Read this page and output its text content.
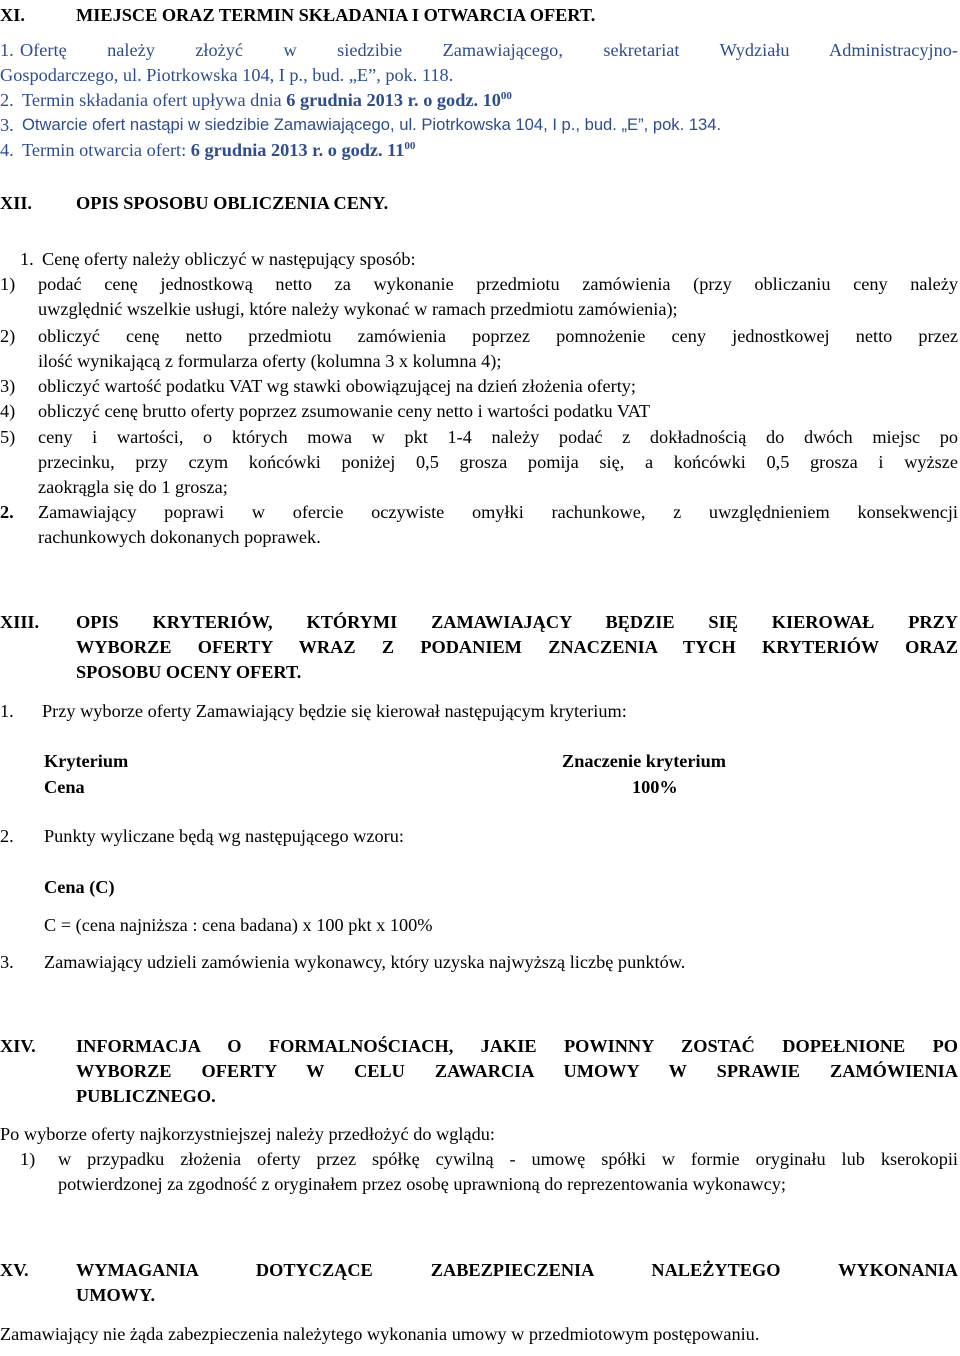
XI.	MIEJSCE ORAZ TERMIN SKŁADANIA I OTWARCIA OFERT.
1. Ofertę należy złożyć w siedzibie Zamawiającego, sekretariat Wydziału Administracyjno-
Gospodarczego, ul. Piotrkowska 104, I p., bud. „E”, pok. 118.
2. Termin składania ofert upływa dnia 6 grudnia 2013 r. o godz. $10^{00}$
3. Otwarcie ofert nastąpi w siedzibie Zamawiającego, ul. Piotrkowska 104, I p., bud. „E”, pok. 134.
4. Termin otwarcia ofert: 6 grudnia 2013 r. o godz. $11^{00}$
XII. OPIS SPOSOBU OBLICZENIA CENY.
1. Cenę oferty należy obliczyć w następujący sposób:
1) podać cenę jednostkową netto za wykonanie przedmiotu zamówienia (przy obliczaniu ceny należy
uwzględnić wszelkie usługi, które należy wykonać w ramach przedmiotu zamówienia);
2) obliczyć cenę netto przedmiotu zamówienia poprzez pomnożenie ceny jednostkowej netto przez
ilość wynikającą z formularza oferty (kolumna 3 x kolumna 4);
3) obliczyć wartość podatku VAT wg stawki obowiązującej na dzień złożenia oferty;
4) obliczyć cenę brutto oferty poprzez zsumowanie ceny netto i wartości podatku VAT
5) ceny i wartości, o których mowa w pkt 1-4 należy podać z dokładnością do dwóch miejsc po
przecinku, przy czym końcówki poniżej 0,5 grosza pomija się, a końcówki 0,5 grosza i wyższe
zaokrągla się do 1 grosza;
2. Zamawiający poprawi w ofercie oczywiste omyłki rachunkowe, z uwzględnieniem konsekwencji
rachunkowych dokonanych poprawek.
XIII. OPIS KRYTERIÓW, KTÓRYMI ZAMAWIAJĄCY BĘDZIE SIĘ KIEROWAŁ PRZY
WYBORZE OFERTY WRAZ Z PODANIEM ZNACZENIA TYCH KRYTERIÓW ORAZ
SPOSOBU OCENY OFERT.
1. Przy wyborze oferty Zamawiający będzie się kierował następującym kryterium:
Kryterium	Znaczenie kryterium
Cena	100%
2. Punkty wyliczane będą wg następującego wzoru:
Cena (C)
C = (cena najniższa : cena badana) x 100 pkt x 100%
3. Zamawiający udzieli zamówienia wykonawcy, który uzyska najwyższą liczbę punktów.
XIV. INFORMACJA O FORMALNOŚCIACH, JAKIE POWINNY ZOSTAĆ DOPEŁNIONE PO
WYBORZE OFERTY W CELU ZAWARCIA UMOWY W SPRAWIE ZAMÓWIENIA
PUBLICZNEGO.
Po wyborze oferty najkorzystniejszej należy przedłożyć do wglądu:
1) w przypadku złożenia oferty przez spółkę cywilną - umowę spółki w formie oryginału lub kserokopii
potwierdzonej za zgodność z oryginałem przez osobę uprawnioną do reprezentowania wykonawcy;
XV.	WYMAGANIA DOTYCZĄCE ZABEZPIECZENIA NALEŻYTEGO WYKONANIA
UMOWY.
Zamawiający nie żąda zabezpieczenia należytego wykonania umowy w przedmiotowym postępowaniu.
